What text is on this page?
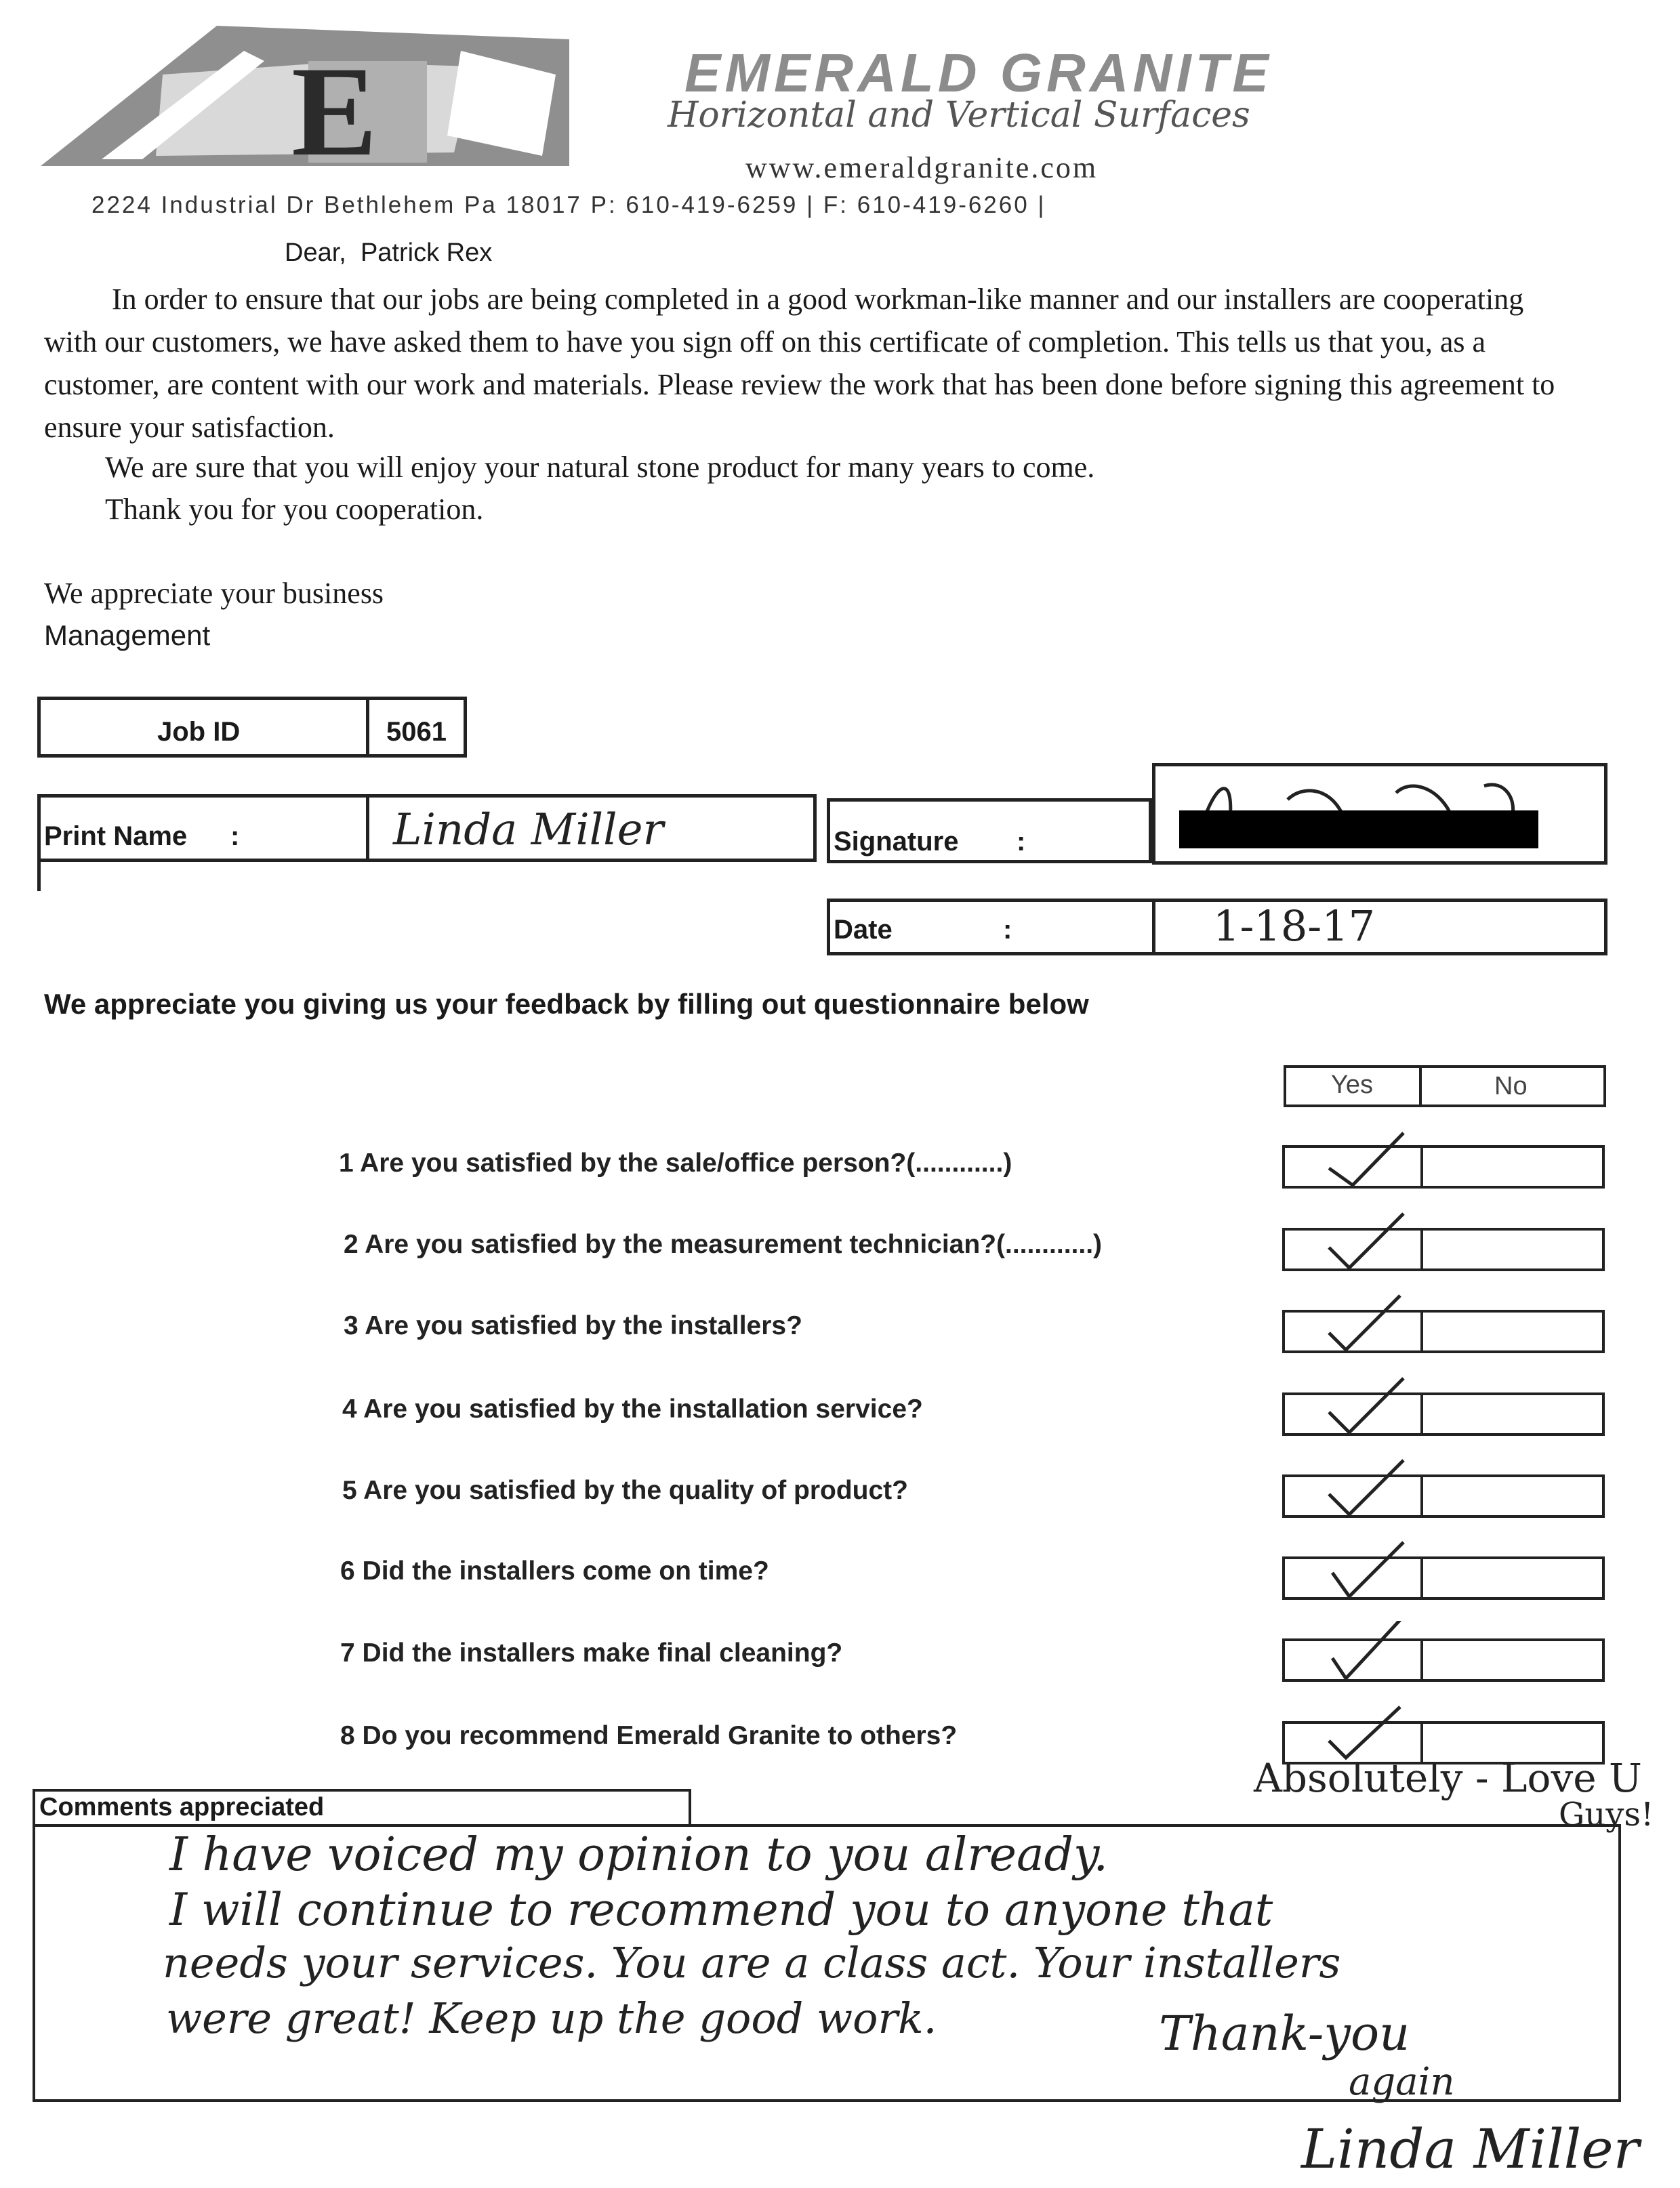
E	EMERALD GRANITE
Horizontal and Vertical Surfaces
www.emeraldgranite.com
2224 Industrial Dr Bethlehem Pa 18017 P: 610-419-6259 | F: 610-419-6260 |
Dear,  Patrick Rex
In order to ensure that our jobs are being completed in a good workman-like manner and our installers are cooperating with our customers, we have asked them to have you sign off on this certificate of completion. This tells us that you, as a customer, are content with our work and materials. Please review the work that has been done before signing this agreement to ensure your satisfaction.
We are sure that you will enjoy your natural stone product for many years to come.
Thank you for you cooperation.
We appreciate your business
Management
Job ID	5061
Print Name :	Linda Miller	Signature :
Date	:	1-18-17
We appreciate you giving us your feedback by filling out questionnaire below
Yes	No
1 Are you satisfied by the sale/office person?(............)
2 Are you satisfied by the measurement technician?(............)
3 Are you satisfied by the installers?
4 Are you satisfied by the installation service?
5 Are you satisfied by the quality of product?
6 Did the installers come on time?
7 Did the installers make final cleaning?
8 Do you recommend Emerald Granite to others?
Absolutely - Love U
Guys!
Comments appreciated
I have voiced my opinion to you already.
I will continue to recommend you to anyone that
needs your services. You are a class act. Your installers
were great! Keep up the good work.	Thank-you
again
Linda Miller
